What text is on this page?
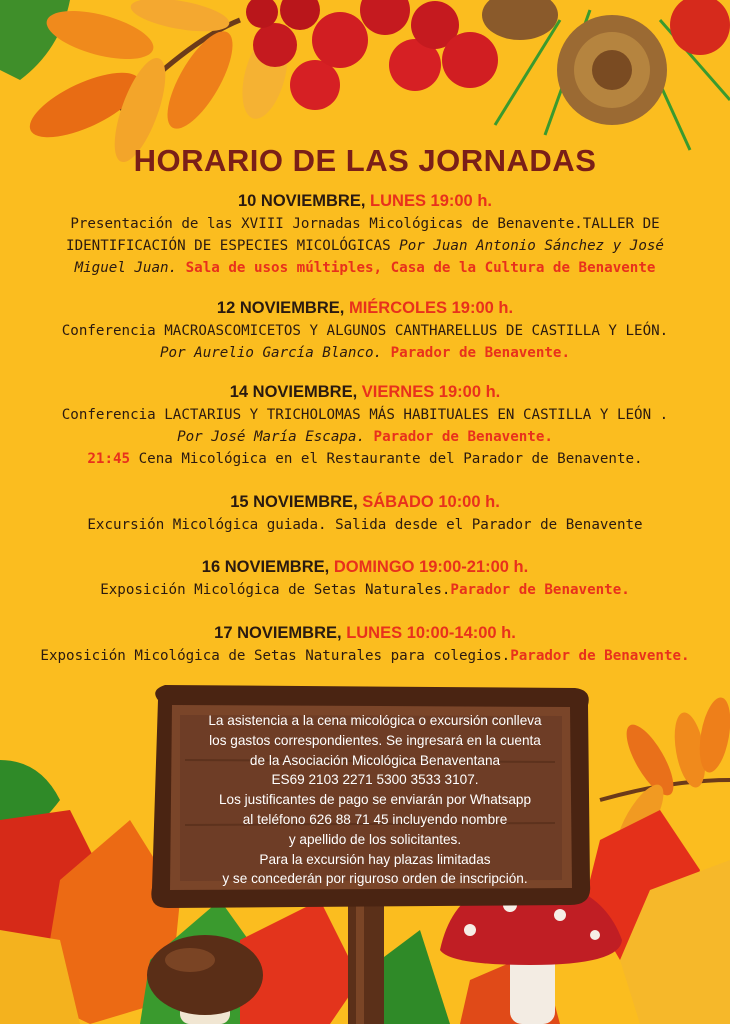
HORARIO DE LAS JORNADAS
10 NOVIEMBRE, LUNES 19:00 h.
Presentación de las XVIII Jornadas Micológicas de Benavente.TALLER DE
IDENTIFICACIÓN DE ESPECIES MICOLÓGICAS Por Juan Antonio Sánchez y José
Miguel Juan. Sala de usos múltiples, Casa de la Cultura de Benavente
12 NOVIEMBRE, MIÉRCOLES 19:00 h.
Conferencia MACROASCOMICETOS Y ALGUNOS CANTHARELLUS DE CASTILLA Y LEÓN.
Por Aurelio García Blanco. Parador de Benavente.
14 NOVIEMBRE, VIERNES 19:00 h.
Conferencia LACTARIUS Y TRICHOLOMAS MÁS HABITUALES EN CASTILLA Y LEÓN .
Por José María Escapa. Parador de Benavente.
21:45 Cena Micológica en el Restaurante del Parador de Benavente.
15 NOVIEMBRE, SÁBADO 10:00 h.
Excursión Micológica guiada. Salida desde el Parador de Benavente
16 NOVIEMBRE, DOMINGO 19:00-21:00 h.
Exposición Micológica de Setas Naturales.Parador de Benavente.
17 NOVIEMBRE, LUNES 10:00-14:00 h.
Exposición Micológica de Setas Naturales para colegios.Parador de Benavente.
La asistencia a la cena micológica o excursión conlleva
los gastos correspondientes. Se ingresará en la cuenta
de la Asociación Micológica Benaventana
ES69 2103 2271 5300 3533 3107.
Los justificantes de pago se enviarán por Whatsapp
al teléfono 626 88 71 45 incluyendo nombre
y apellido de los solicitantes.
Para la excursión hay plazas limitadas
y se concederán por riguroso orden de inscripción.
